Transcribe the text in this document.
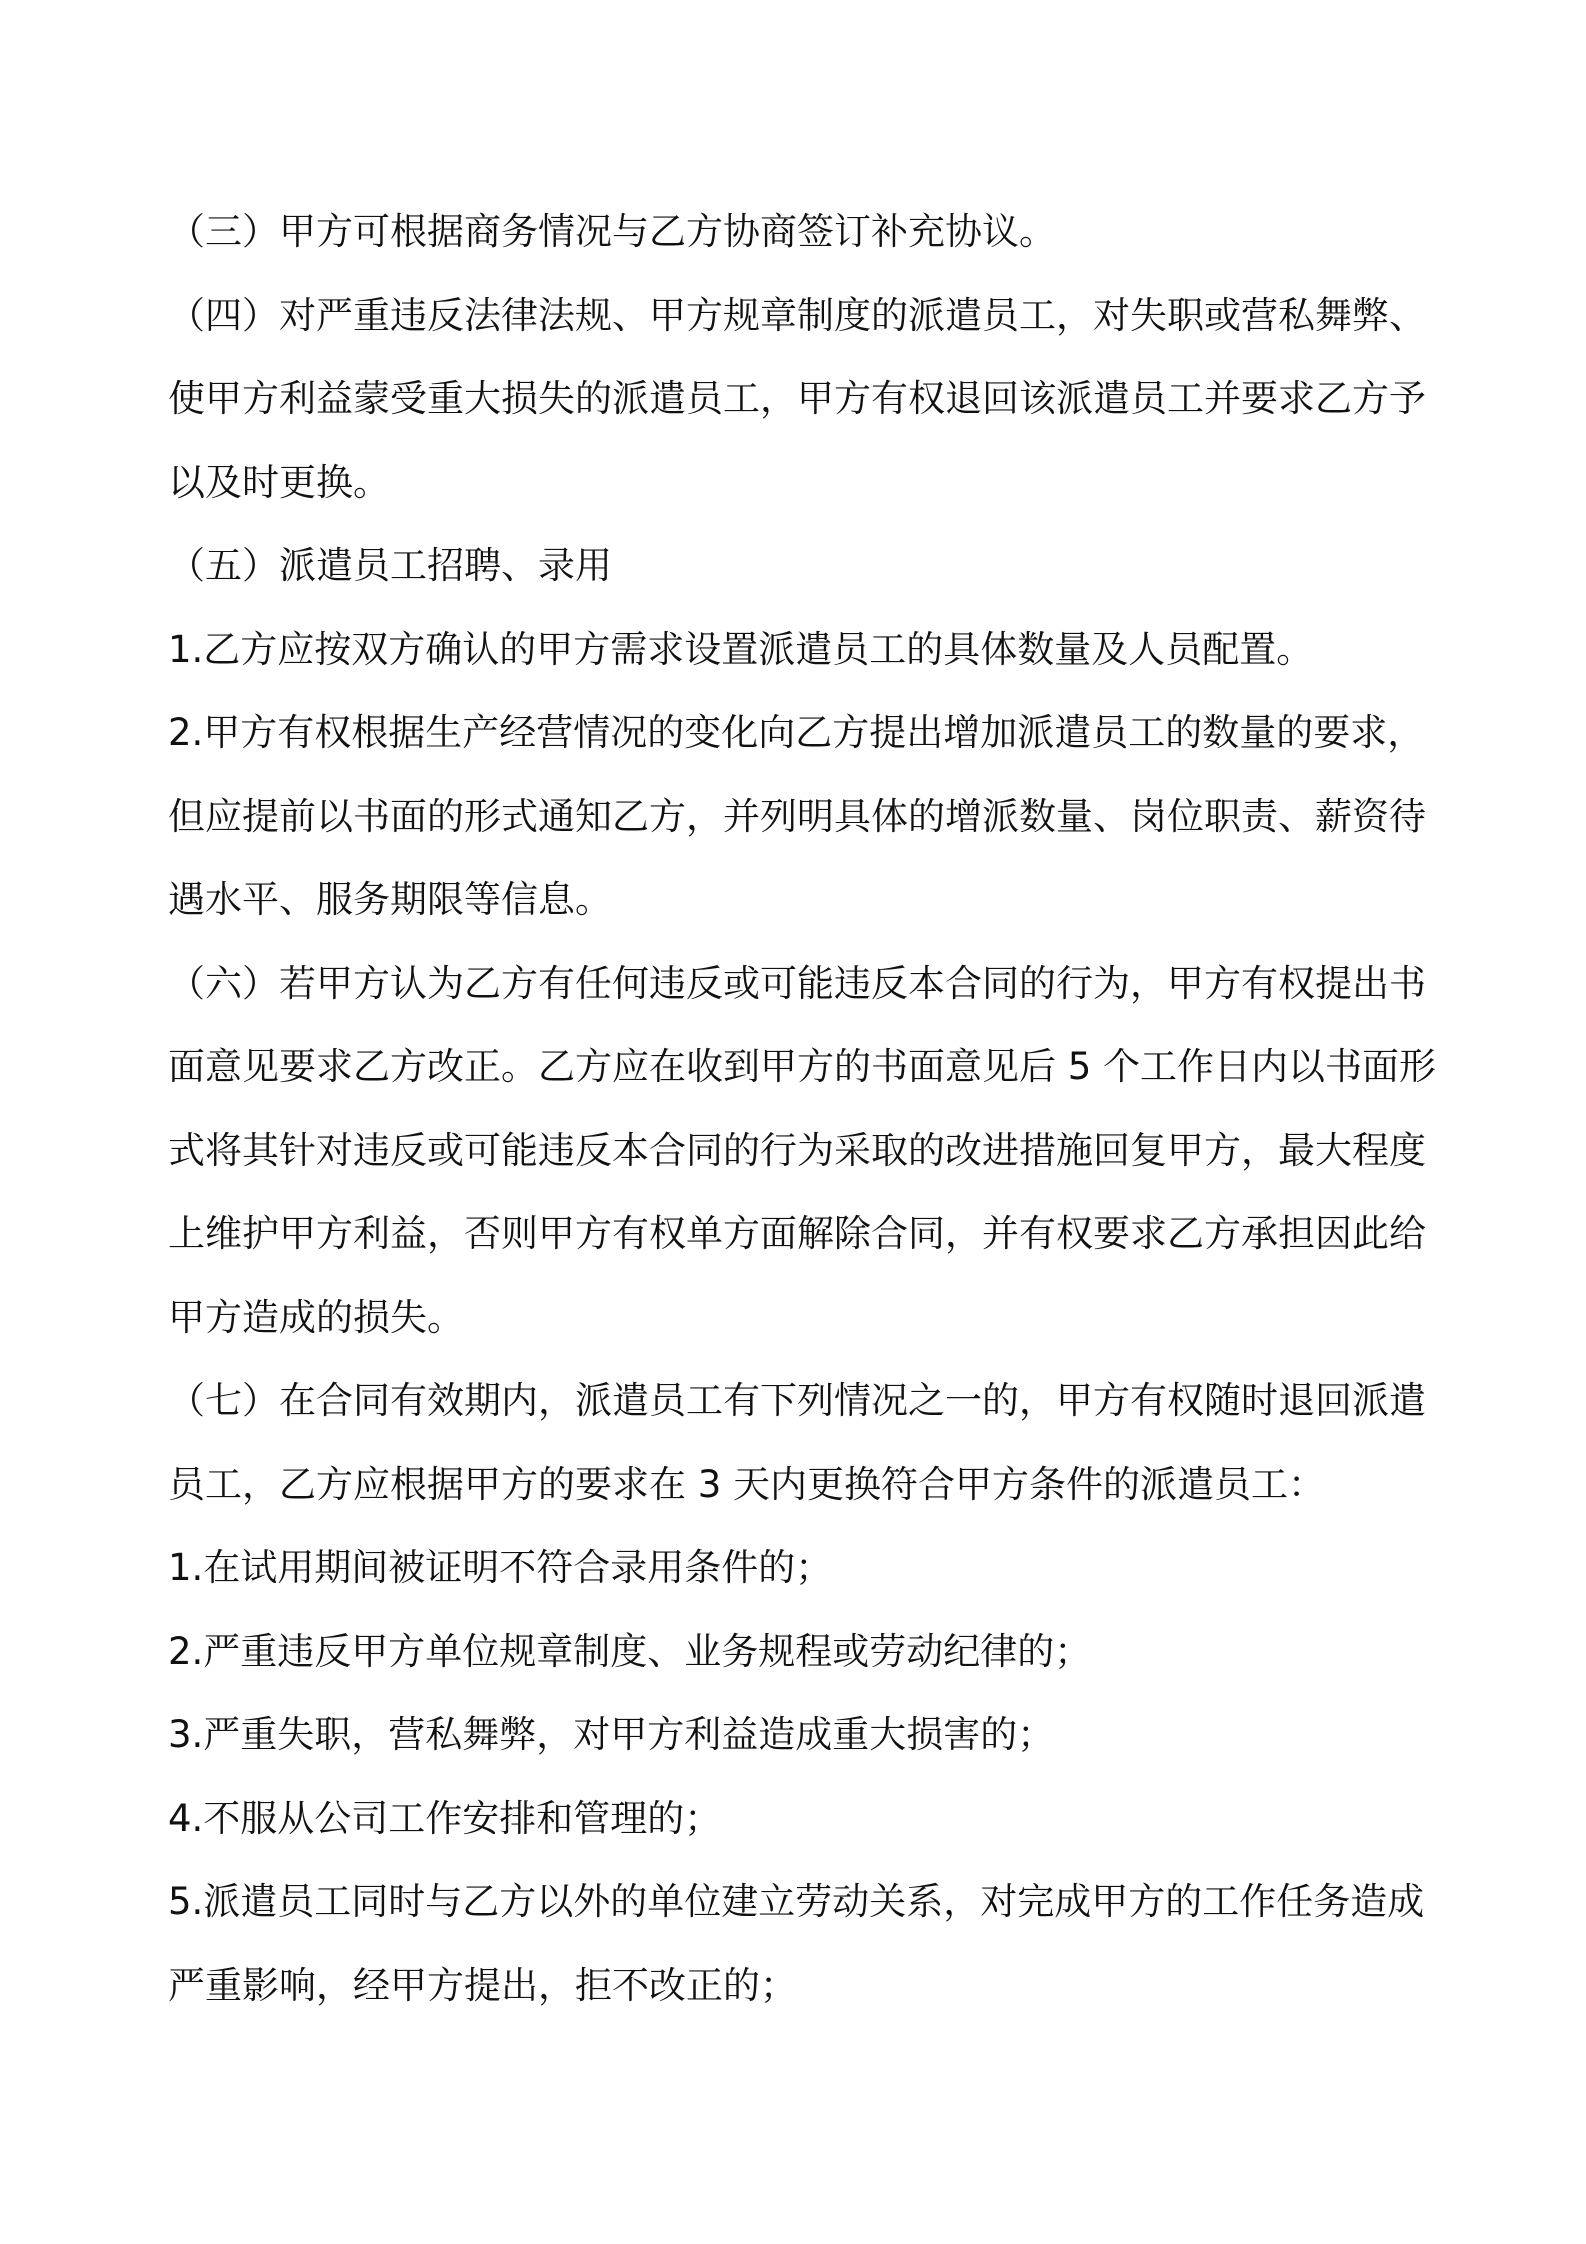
（三）甲方可根据商务情况与乙方协商签订补充协议。

（四）对严重违反法律法规、甲方规章制度的派遣员工，对失职或营私舞弊、使甲方利益蒙受重大损失的派遣员工，甲方有权退回该派遣员工并要求乙方予以及时更换。

（五）派遣员工招聘、录用

1.乙方应按双方确认的甲方需求设置派遣员工的具体数量及人员配置。

2.甲方有权根据生产经营情况的变化向乙方提出增加派遣员工的数量的要求，但应提前以书面的形式通知乙方，并列明具体的增派数量、岗位职责、薪资待遇水平、服务期限等信息。

（六）若甲方认为乙方有任何违反或可能违反本合同的行为，甲方有权提出书面意见要求乙方改正。乙方应在收到甲方的书面意见后 5 个工作日内以书面形式将其针对违反或可能违反本合同的行为采取的改进措施回复甲方，最大程度上维护甲方利益，否则甲方有权单方面解除合同，并有权要求乙方承担因此给甲方造成的损失。

（七）在合同有效期内，派遣员工有下列情况之一的，甲方有权随时退回派遣员工，乙方应根据甲方的要求在 3 天内更换符合甲方条件的派遣员工：

1.在试用期间被证明不符合录用条件的；

2.严重违反甲方单位规章制度、业务规程或劳动纪律的；

3.严重失职，营私舞弊，对甲方利益造成重大损害的；

4.不服从公司工作安排和管理的；

5.派遣员工同时与乙方以外的单位建立劳动关系，对完成甲方的工作任务造成严重影响，经甲方提出，拒不改正的；
